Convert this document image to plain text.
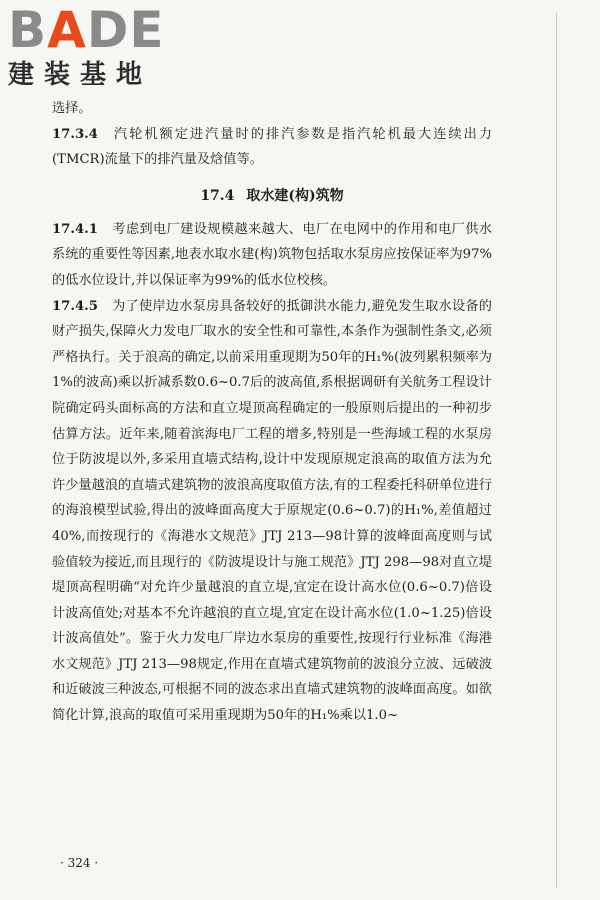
BADE
建装基地

选择。

17.3.4 汽轮机额定进汽量时的排汽参数是指汽轮机最大连续出力(TMCR)流量下的排汽量及焓值等。

17.4 取水建(构)筑物

17.4.1 考虑到电厂建设规模越来越大、电厂在电网中的作用和电厂供水系统的重要性等因素,地表水取水建(构)筑物包括取水泵房应按保证率为97%的低水位设计,并以保证率为99%的低水位校核。

17.4.5 为了使岸边水泵房具备较好的抵御洪水能力,避免发生取水设备的财产损失,保障火力发电厂取水的安全性和可靠性,本条作为强制性条文,必须严格执行。关于浪高的确定,以前采用重现期为50年的H₁%(波列累积频率为1%的波高)乘以折减系数0.6~0.7后的波高值,系根据调研有关航务工程设计院确定码头面标高的方法和直立堤顶高程确定的一般原则后提出的一种初步估算方法。近年来,随着滨海电厂工程的增多,特别是一些海域工程的水泵房位于防波堤以外,多采用直墙式结构,设计中发现原规定浪高的取值方法为允许少量越浪的直墙式建筑物的波浪高度取值方法,有的工程委托科研单位进行的海浪模型试验,得出的波峰面高度大于原规定(0.6~0.7)的H₁%,差值超过40%,而按现行的《海港水文规范》JTJ 213—98计算的波峰面高度则与试验值较为接近,而且现行的《防波堤设计与施工规范》JTJ 298—98对直立堤堤顶高程明确“对允许少量越浪的直立堤,宜定在设计高水位(0.6~0.7)倍设计波高值处;对基本不允许越浪的直立堤,宜定在设计高水位(1.0~1.25)倍设计波高值处”。鉴于火力发电厂岸边水泵房的重要性,按现行行业标准《海港水文规范》JTJ 213—98规定,作用在直墙式建筑物前的波浪分立波、远破波和近破波三种波态,可根据不同的波态求出直墙式建筑物的波峰面高度。如欲简化计算,浪高的取值可采用重现期为50年的H₁%乘以1.0~

· 324 ·
